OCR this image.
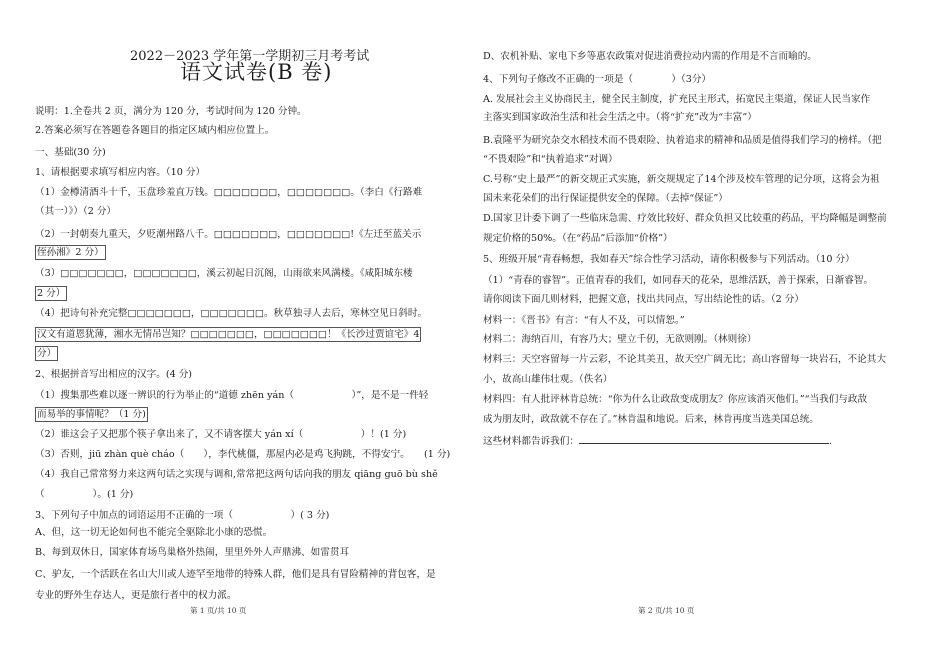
2022－2023 学年第一学期初三月考考试
语文试卷(B 卷)
说明：1.全卷共 2 页，满分为 120 分，考试时间为 120 分钟。
2.答案必须写在答题卷各题目的指定区域内相应位置上。
一、基础(30 分)
1、请根据要求填写相应内容。（10 分）
（1）金樽清酒斗十千，玉盘珍羞直万钱。□□□□□□□，□□□□□□□。（李白《行路难
（其一）》）（2 分）
（2）一封朝奏九重天，夕贬潮州路八千。□□□□□□□，□□□□□□□!《左迁至蓝关示
侄孙湘》2 分）
（3）□□□□□□□，□□□□□□□，溪云初起日沉阁，山雨欲来风满楼。《咸阳城东楼
2 分）
（4）把诗句补充完整□□□□□□□，□□□□□□□。秋草独寻人去后，寒林空见日斜时。
汉文有道恩犹薄，湘水无情吊岂知？□□□□□□□，□□□□□□□！《长沙过贾谊宅》4
分）
2、根据拼音写出相应的汉字。(4 分)
（1）搜集那些难以逐一辨识的行为举止的“道德 zhēn yán（　　　　　　）”，是不是一件轻
而易举的事情呢？（1 分)
（2）谁这会子又把那个筷子拿出来了，又不请客摆大 yán xí（　　　　　　）！(1 分)
（3）否则，jiū zhàn què cháo（　　），李代桃僵，那屋内必是鸡飞狗跳，不得安宁。　　(1 分)
（4）我自己常常努力来这两句话之实现与调和,常常把这两句话向我的朋友 qiāng guō bù shě
（　　　　　）。(1 分)
3、下列句子中加点的词语运用不正确的一项（　　　　　　）( 3 分)
A、但，这一切无论如何也不能完全驱除北小康的恐慌。
B、每到双休日，国家体育场鸟巢格外热闹，里里外外人声鼎沸、如雷贯耳
C、驴友，一个活跃在名山大川或人迹罕至地带的特殊人群，他们是具有冒险精神的背包客，是
专业的野外生存达人，更是旅行者中的权力派。
第 1 页/共 10 页
D、农机补贴、家电下乡等惠农政策对促进消费拉动内需的作用是不言而喻的。
4、下列句子修改不正确的一项是（　　　　）（3分）
A. 发展社会主义协商民主，健全民主制度，扩充民主形式，拓宽民主渠道，保证人民当家作
主落实到国家政治生活和社会生活之中。（将“扩充”改为“丰富”）
B.袁隆平为研究杂交水稻技术而不畏艰险、执着追求的精神和品质是值得我们学习的榜样。（把
“不畏艰险”和“执着追求”对调）
C.号称“史上最严”的新交规正式实施，新交规规定了14个涉及校车管理的记分项，这将会为祖
国未来花朵们的出行保证提供安全的保障。（去掉“保证”）
D.国家卫计委下调了一些临床急需、疗效比较好、群众负担又比较重的药品，平均降幅是调整前
规定价格的50%。（在“药品”后添加“价格”）
5、班级开展“青春畅想，我如春天”综合性学习活动，请你积极参与下列活动。（10 分）
（1）“青春的睿智”。正值青春的我们，如同春天的花朵，思维活跃，善于探索，日渐睿智。
请你阅读下面几则材料，把握文意，找出共同点，写出结论性的话。（2 分）
材料一：《晋书》有言：“有人不及，可以情恕。”
材料二：海纳百川，有容乃大；壁立千仞，无欲则刚。（林则徐）
材料三：天空容留每一片云彩，不论其美丑，故天空广阔无比；高山容留每一块岩石，不论其大
小，故高山雄伟壮观。（佚名）
材料四：有人批评林肯总统：“你为什么让政敌变成朋友？你应该消灭他们。”“当我们与政敌
成为朋友时，政敌就不存在了。”林肯温和地说。后来，林肯再度当选美国总统。
这些材料都告诉我们：	.
第 2 页/共 10 页
